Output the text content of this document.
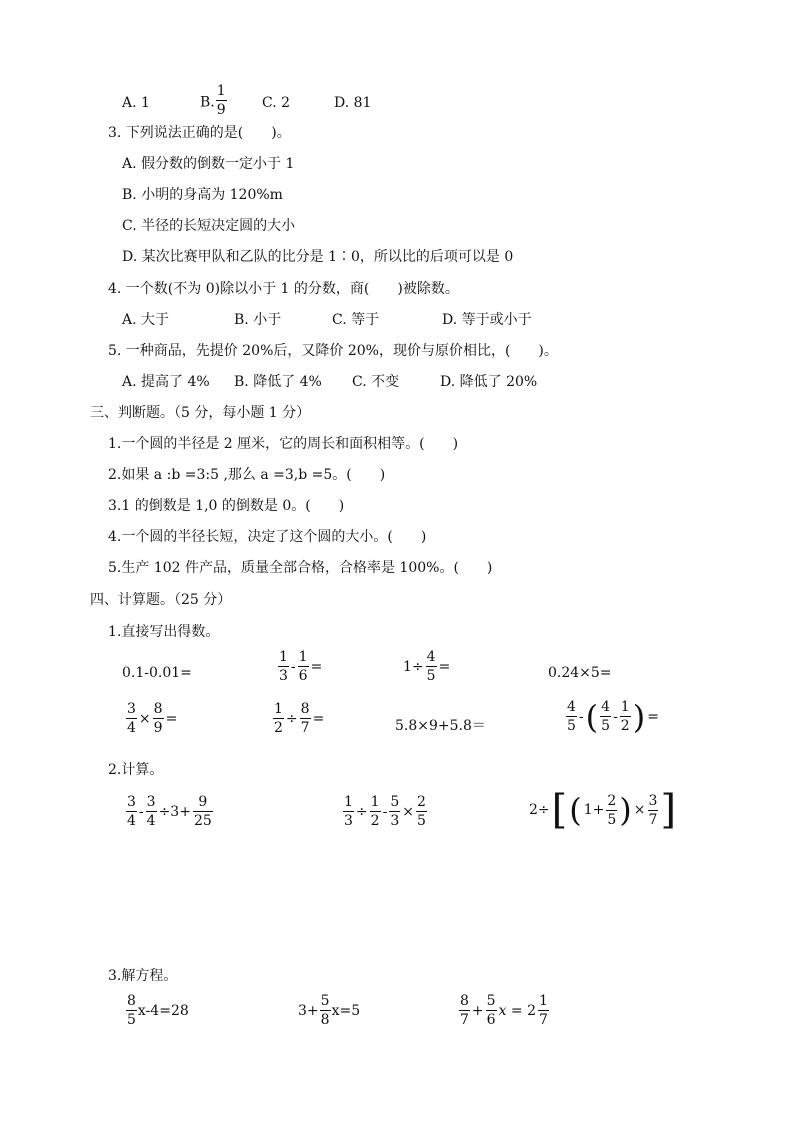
A. 1	B. $\frac{1}{9}$	C. 2	D. 81
3. 下列说法正确的是(　　)。
A. 假分数的倒数一定小于 1
B. 小明的身高为 120%m
C. 半径的长短决定圆的大小
D. 某次比赛甲队和乙队的比分是 1∶0，所以比的后项可以是 0
4. 一个数(不为 0)除以小于 1 的分数，商(　　)被除数。
A. 大于	B. 小于	C. 等于	D. 等于或小于
5. 一种商品，先提价 20%后，又降价 20%，现价与原价相比，(　　)。
A. 提高了 4% B. 降低了 4% C. 不变	D. 降低了 20%
三、判断题。（5 分，每小题 1 分）
1.一个圆的半径是 2 厘米，它的周长和面积相等。(　　)
2.如果 a :b =3:5 ,那么 a =3,b =5。(　　)
3.1 的倒数是 1,0 的倒数是 0。(　　)
4.一个圆的半径长短，决定了这个圆的大小。(　　)
5.生产 102 件产品，质量全部合格，合格率是 100%。(　　)
四、计算题。（25 分）
1.直接写出得数。
0.1-0.01=	$\frac{1}{3} - \frac{1}{6}$ =	$1\div \frac{4}{5}$ =	0.24×5=
$\frac{3}{4} \times \frac{8}{9}$ =	$\frac{1}{2} \div \frac{8}{7}$ =	5.8×9+5.8＝	$\frac{4}{5}$ - ( $\frac{4}{5} - \frac{1}{2}$ ) =
2.计算。
$\frac{3}{4} - \frac{3}{4} \div 3+ \frac{9}{25}$	$\frac{1}{3} \div \frac{1}{2} - \frac{5}{3} \times \frac{2}{5}$	2÷ [ ( $1+ \frac{2}{5}$ ) × $\frac{3}{7}$ ]
3.解方程。
$\frac{8}{5} x-4=28$	$3+ \frac{5}{8} x=5$	$\frac{8}{7} + \frac{5}{6}$ $x = 2 \frac{1}{7}$
